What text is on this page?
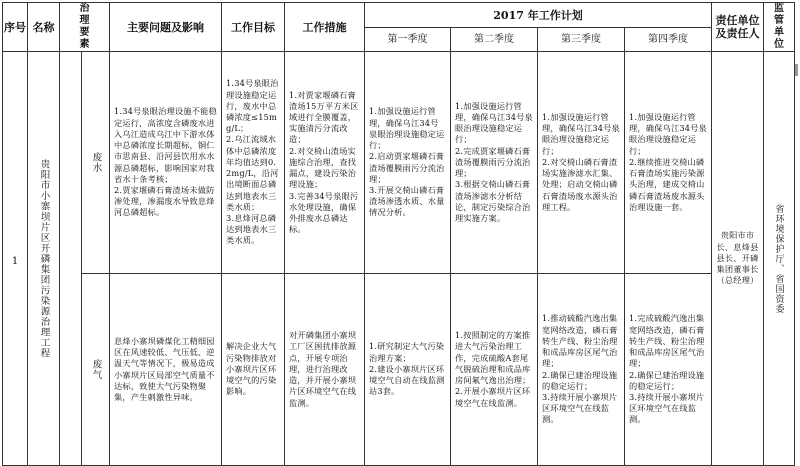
序号	名称	治理要素		主要问题及影响	工作目标	工作措施	2017 年工作计划				责任单位及责任人	监管单位

							第一季度	第二季度	第三季度	第四季度		
1	贵阳市小寨坝片区开磷集团污染源治理工程		废水	1.34号泉眼治理设施不能稳定运行，高浓度含磷废水进入乌江造成乌江中下游水体中总磷浓度长期超标，铜仁市思南县、沿河县饮用水水源总磷超标，影响国家对我省水十条考核；
2.贾家堰磷石膏渣场未做防渗处理，渗漏废水导致息烽河总磷超标。	1.34号泉眼治理设施稳定运行，废水中总磷浓度≤15mg/L；
2.乌江流域水体中总磷浓度年均值达到0.2mg/L，沿河出境断面总磷达到地表水三类水质；
3.息烽河总磷达到地表水三类水质。	1.对贾家堰磷石膏渣场15万平方米区域进行全膜覆盖，实施清污分流改造；
2.对交椅山渣场实施综合治理，查找漏点，建设污染治理设施；
3.完善34号泉眼污水处理设施，确保外排废水总磷达标。	1.加强设施运行管理，确保乌江34号泉眼治理设施稳定运行；
2.启动贾家堰磷石膏渣场覆膜雨污分流治理；
3.开展交椅山磷石膏渣场渗透水质、水量情况分析。	1.加强设施运行管理，确保乌江34号泉眼治理设施稳定运行；
2.完成贾家堰磷石膏渣场覆膜雨污分流治理；
3.根据交椅山磷石膏渣场渗滤水分析结论，制定污染综合治理实施方案。	1.加强设施运行管理，确保乌江34号泉眼治理设施稳定运行；
2.对交椅山磷石膏渣场实施渗滤水汇集、处理；启动交椅山磷石膏渣场废水源头治理工程。	1.加强设施运行管理，确保乌江34号泉眼治理设施稳定运行；
2.继续推进交椅山磷石膏渣场实施污染源头治理，建成交椅山磷石膏渣场废水源头治理设施一套。	贵阳市市长、息烽县县长、开磷集团董事长（总经理）	省环境保护厅、省国资委

			废气	息烽小寨坝磷煤化工精细园区在风速较低、气压低、逆温天气等情况下，极易造成小寨坝片区局部空气质量不达标，致使大气污染物聚集，产生刺激性异味。	解决企业大气污染物排放对小寨坝片区环境空气的污染影响。	对开磷集团小寨坝工厂区困扰排放源点，开展专项治理，进行治理改造，并开展小寨坝片区环境空气在线监测。	1.研究制定大气污染治理方案；
2.建设小寨坝片区环境空气自动在线监测站3套。	1.按照制定的方案推进大气污染治理工作，完成硫酸A套尾气脱硫治理和成品库房间氟气逸出治理；
2.开展小寨坝片区环境空气在线监测。	1.推动硫酸汽逸出集宽网络改造，磷石膏转生产线、粉尘治理和成品库房区尾气治理；
2.确保已建治理设施的稳定运行；
3.持续开展小寨坝片区环境空气在线监测。	1.完成硫酸汽逸出集宽网络改造，磷石膏转生产线、粉尘治理和成品库房区尾气治理；
2.确保已建治理设施的稳定运行；
3.持续开展小寨坝片区环境空气在线监测。		
